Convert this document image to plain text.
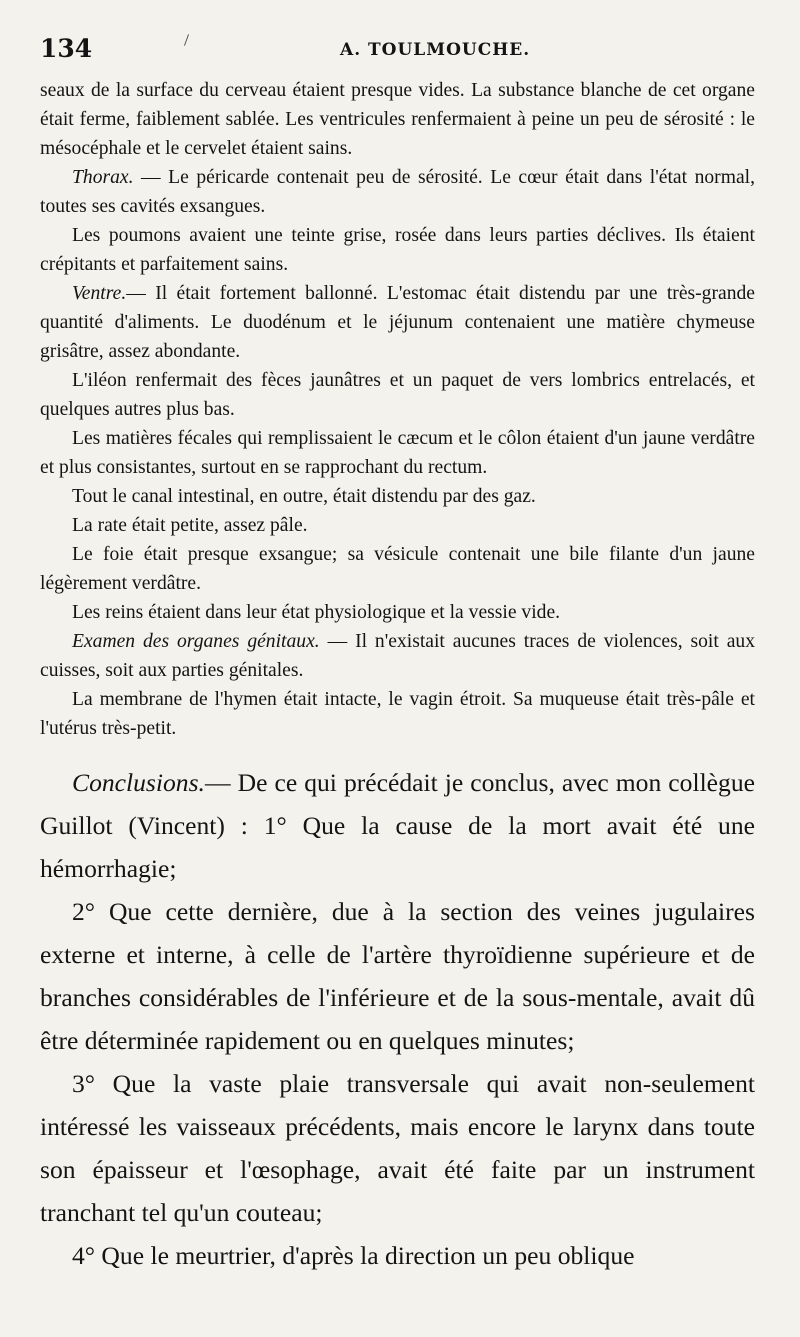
134	A. TOULMOUCHE.

seaux de la surface du cerveau étaient presque vides. La substance blanche de cet organe était ferme, faiblement sablée. Les ventricules renfermaient à peine un peu de sérosité : le mésocéphale et le cervelet étaient sains.

Thorax. — Le péricarde contenait peu de sérosité. Le cœur était dans l'état normal, toutes ses cavités exsangues.

Les poumons avaient une teinte grise, rosée dans leurs parties déclives. Ils étaient crépitants et parfaitement sains.

Ventre.— Il était fortement ballonné. L'estomac était distendu par une très-grande quantité d'aliments. Le duodénum et le jéjunum contenaient une matière chymeuse grisâtre, assez abondante.

L'iléon renfermait des fèces jaunâtres et un paquet de vers lombrics entrelacés, et quelques autres plus bas.

Les matières fécales qui remplissaient le cæcum et le côlon étaient d'un jaune verdâtre et plus consistantes, surtout en se rapprochant du rectum.

Tout le canal intestinal, en outre, était distendu par des gaz.

La rate était petite, assez pâle.

Le foie était presque exsangue; sa vésicule contenait une bile filante d'un jaune légèrement verdâtre.

Les reins étaient dans leur état physiologique et la vessie vide.

Examen des organes génitaux. — Il n'existait aucunes traces de violences, soit aux cuisses, soit aux parties génitales.

La membrane de l'hymen était intacte, le vagin étroit. Sa muqueuse était très-pâle et l'utérus très-petit.

Conclusions.— De ce qui précédait je conclus, avec mon collègue Guillot (Vincent) : 1° Que la cause de la mort avait été une hémorrhagie;

2° Que cette dernière, due à la section des veines jugulaires externe et interne, à celle de l'artère thyroïdienne supérieure et de branches considérables de l'inférieure et de la sous-mentale, avait dû être déterminée rapidement ou en quelques minutes;

3° Que la vaste plaie transversale qui avait non-seulement intéressé les vaisseaux précédents, mais encore le larynx dans toute son épaisseur et l'œsophage, avait été faite par un instrument tranchant tel qu'un couteau;

4° Que le meurtrier, d'après la direction un peu oblique
